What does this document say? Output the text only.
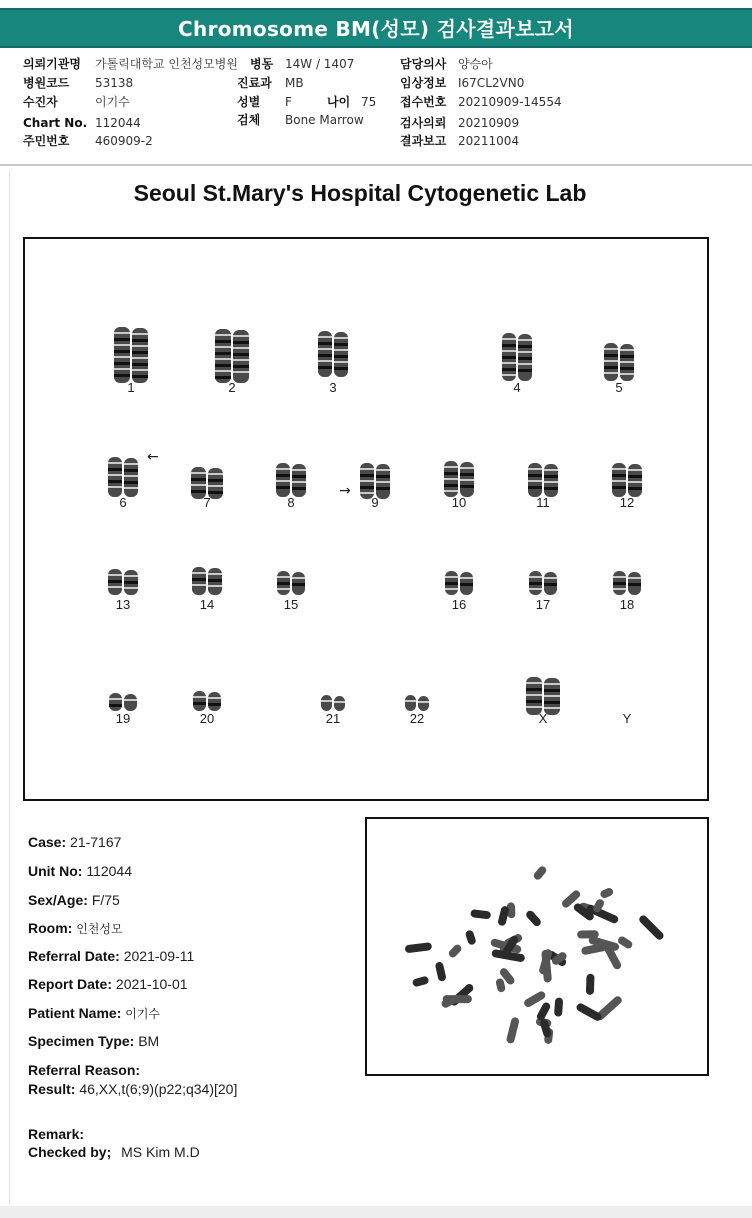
Chromosome BM(성모) 검사결과보고서
의뢰기관명 가톨릭대학교 인천성모병원 병동 14W / 1407	담당의사 양승아
병원코드 53138	진료과 MB	임상정보 I67CL2VN0
수진자	이기수	성별 F	나이 75 접수번호 20210909-14554
Chart No. 112044	검체 Bone Marrow	검사의뢰 20210909
주민번호 460909-2	결과보고 20211004
Seoul St.Mary's Hospital Cytogenetic Lab
1	2	3	4	5
6	7	8	9	10	11	12
13	14	15	16	17	18
19	20	21	22	X	Y
←
→
Case: 21-7167
Unit No: 112044
Sex/Age: F/75
Room: 인천성모
Referral Date: 2021-09-11
Report Date: 2021-10-01
Patient Name: 이기수
Specimen Type: BM
Referral Reason:
Result: 46,XX,t(6;9)(p22;q34)[20]
Remark:
Checked by; MS Kim M.D
